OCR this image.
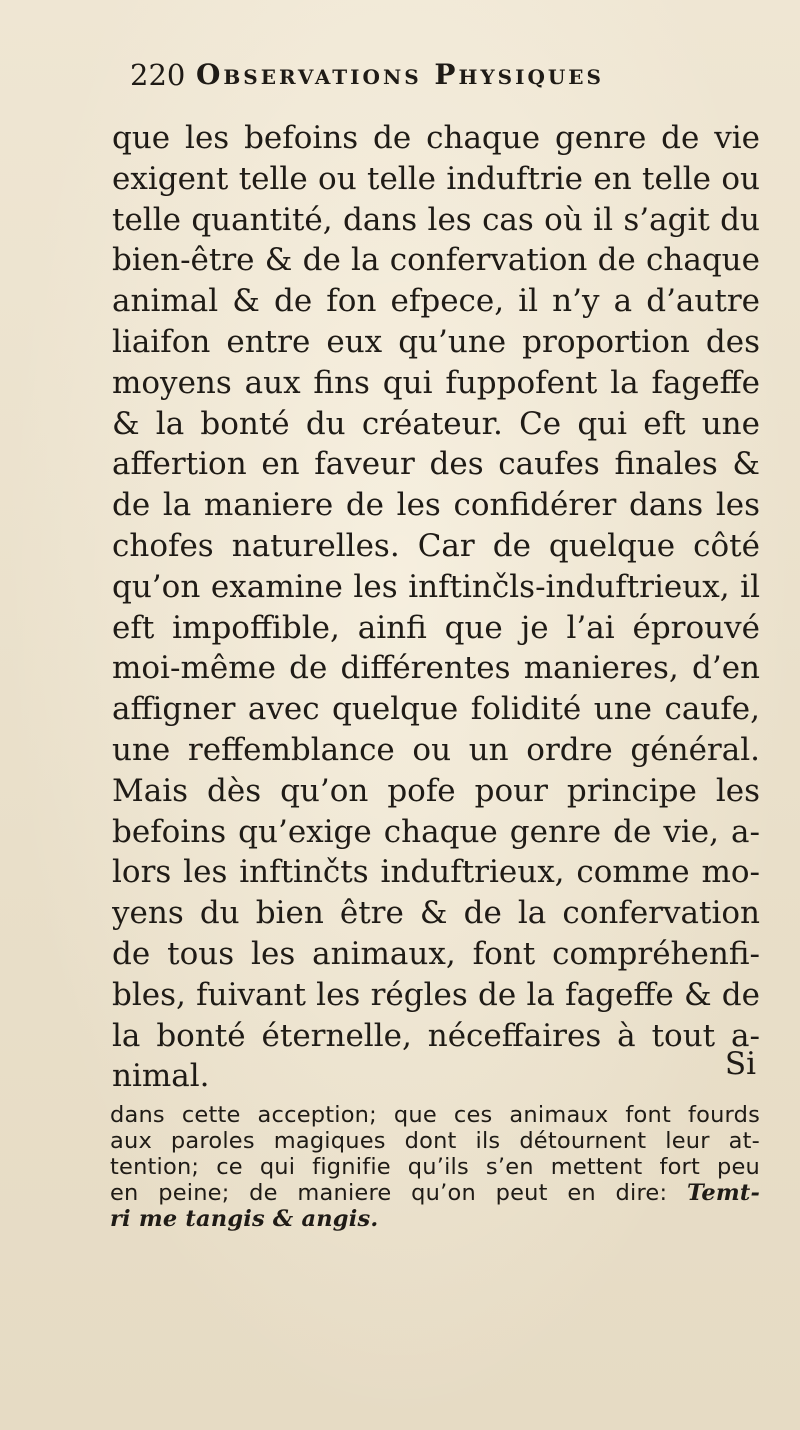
220 Observations Physiques
que les befoins de chaque genre de vie
exigent telle ou telle induftrie en telle ou
telle quantité, dans les cas où il s’agit du
bien-être & de la confervation de chaque
animal & de fon efpece, il n’y a d’autre
liaifon entre eux qu’une proportion des
moyens aux fins qui fuppofent la fageffe
& la bonté du créateur. Ce qui eft une
affertion en faveur des caufes finales &
de la maniere de les confidérer dans les
chofes naturelles. Car de quelque côté
qu’on examine les inftinčls-induftrieux, il
eft impoffible, ainfi que je l’ai éprouvé
moi-même de différentes manieres, d’en
affigner avec quelque folidité une caufe,
une reffemblance ou un ordre général.
Mais dès qu’on pofe pour principe les
befoins qu’exige chaque genre de vie, a-
lors les inftinčts induftrieux, comme mo-
yens du bien être & de la confervation
de tous les animaux, font compréhenfi-
bles, fuivant les régles de la fageffe & de
la bonté éternelle, néceffaires à tout a-
nimal.	Si
dans cette acception; que ces animaux font fourds
aux paroles magiques dont ils détournent leur at-
tention; ce qui fignifie qu’ils s’en mettent fort peu
en peine; de maniere qu’on peut en dire: Temt-
ri me tangis & angis.
